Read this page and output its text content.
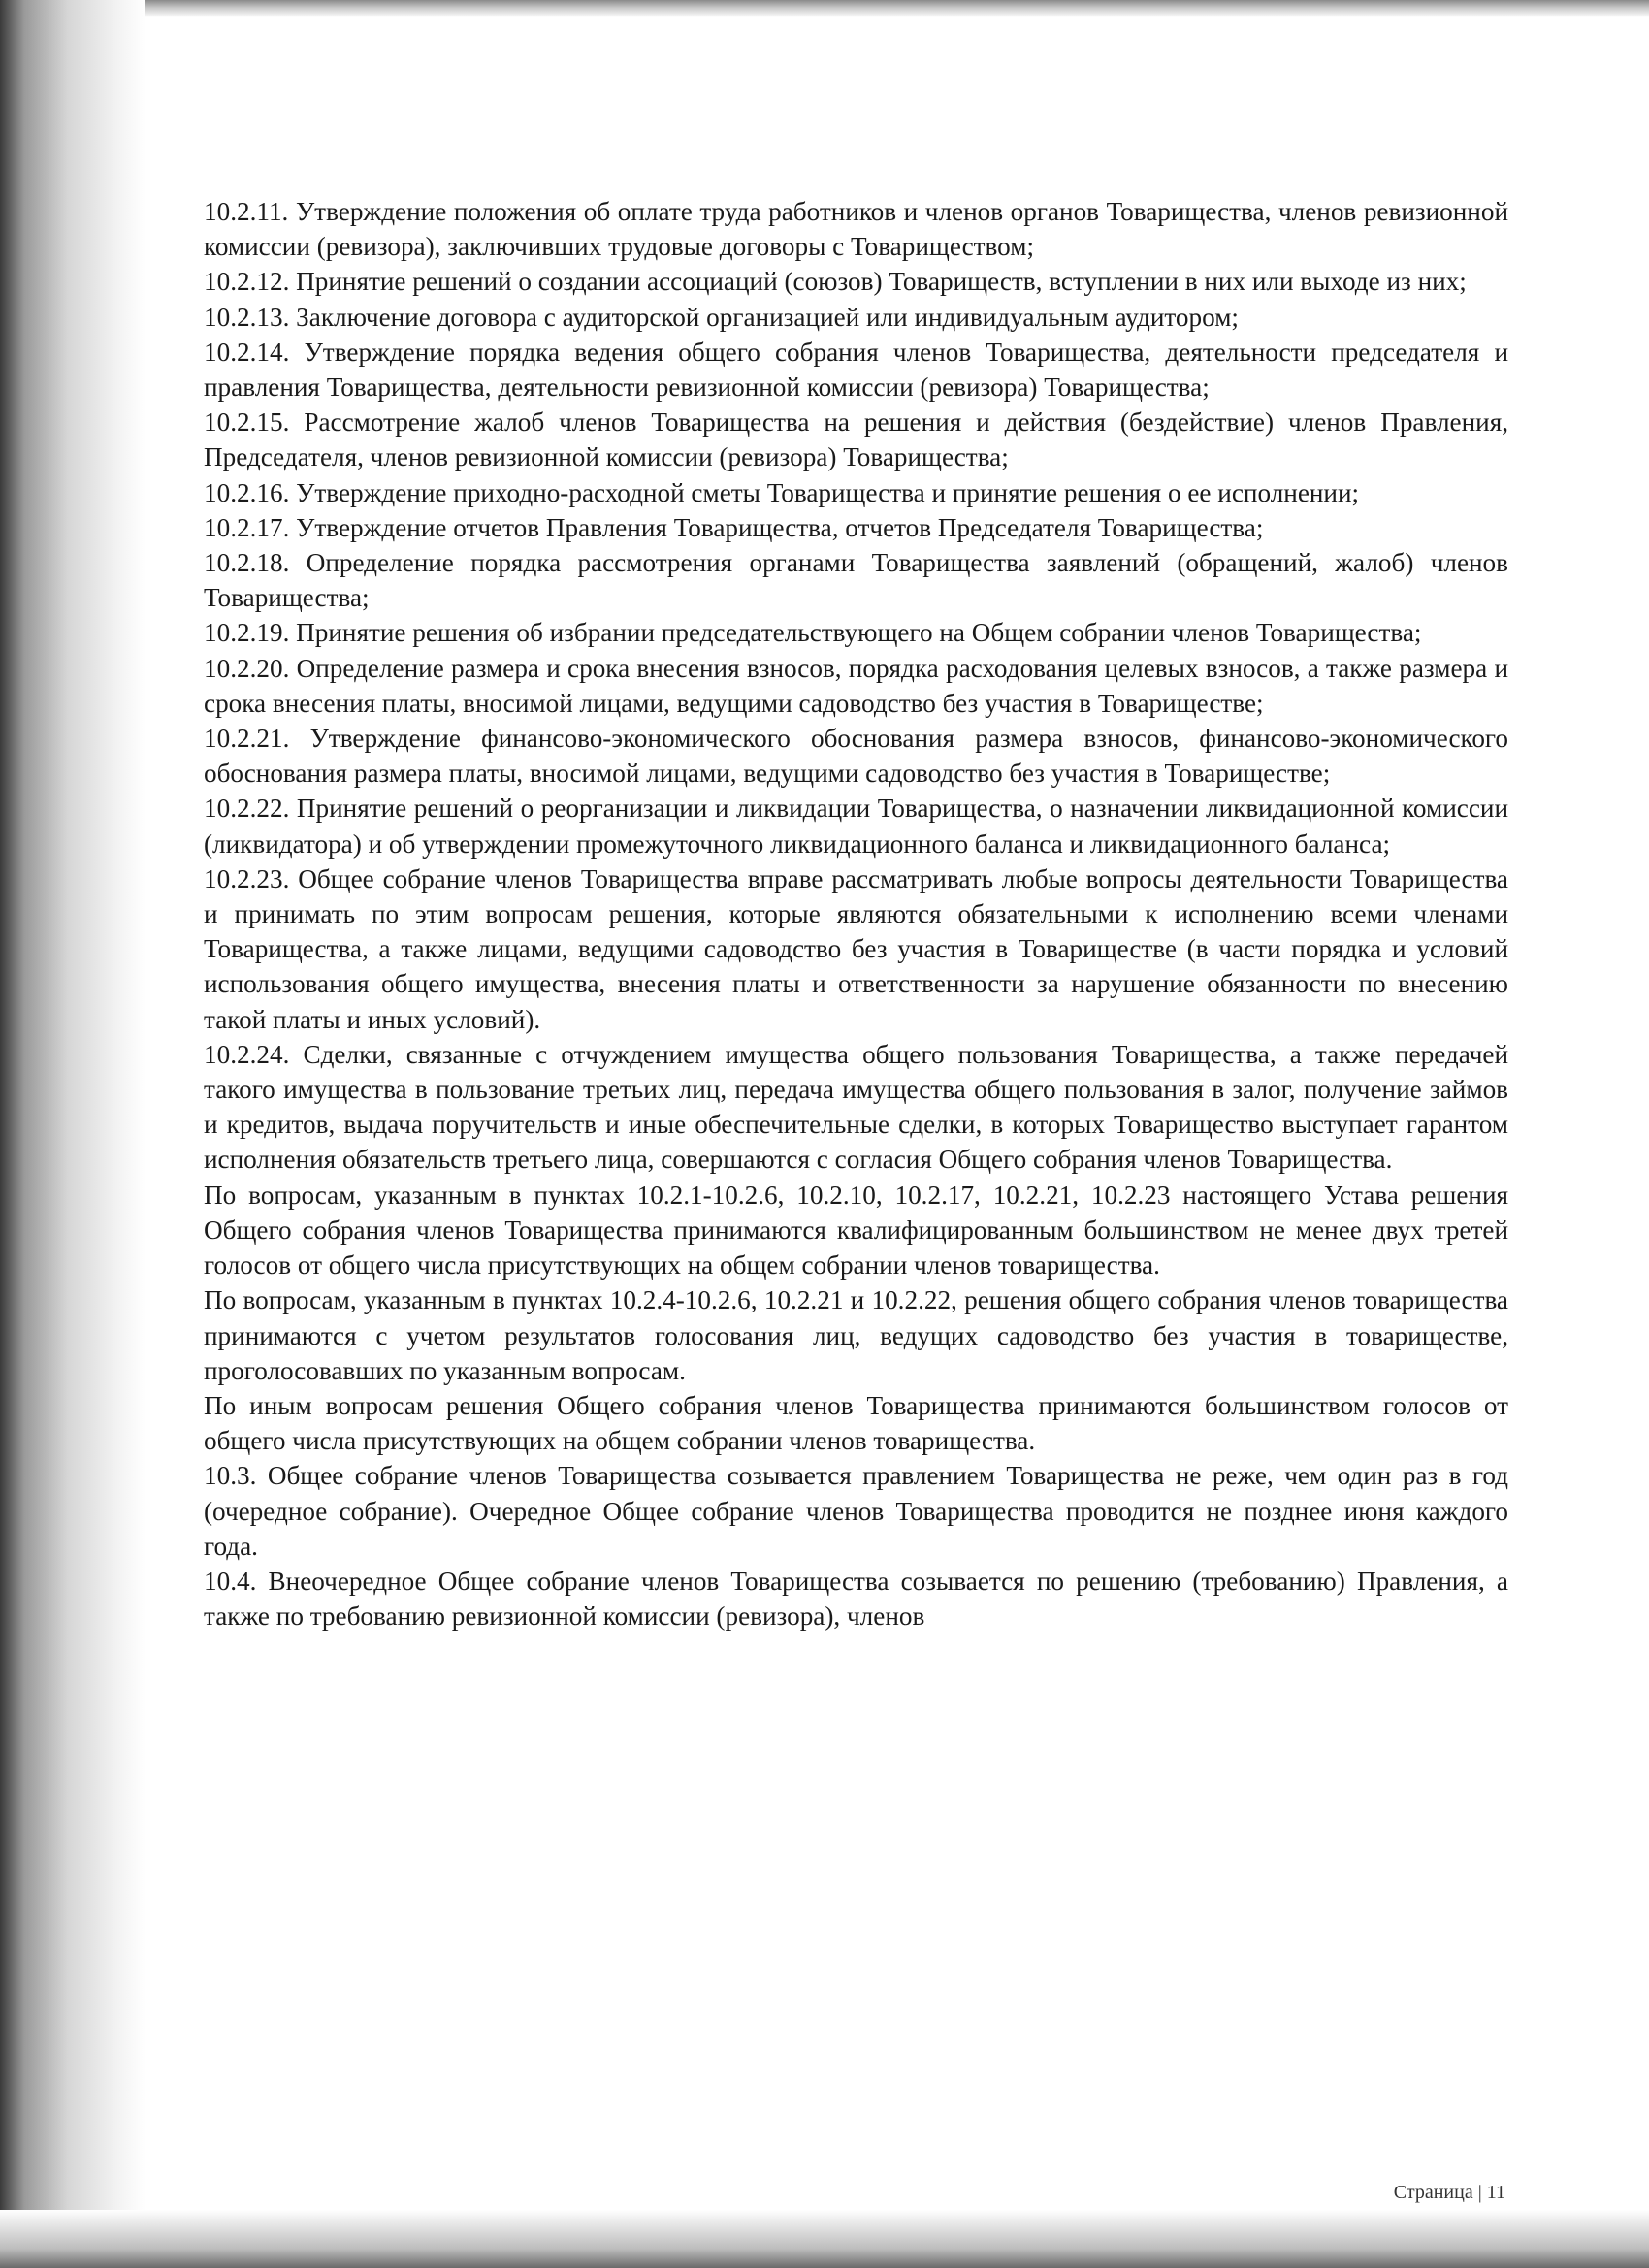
10.2.11. Утверждение положения об оплате труда работников и членов органов Товарищества, членов ревизионной комиссии (ревизора), заключивших трудовые договоры с Товариществом;

10.2.12. Принятие решений о создании ассоциаций (союзов) Товариществ, вступлении в них или выходе из них;

10.2.13. Заключение договора с аудиторской организацией или индивидуальным аудитором;

10.2.14. Утверждение порядка ведения общего собрания членов Товарищества, деятельности председателя и правления Товарищества, деятельности ревизионной комиссии (ревизора) Товарищества;

10.2.15. Рассмотрение жалоб членов Товарищества на решения и действия (бездействие) членов Правления, Председателя, членов ревизионной комиссии (ревизора) Товарищества;

10.2.16. Утверждение приходно-расходной сметы Товарищества и принятие решения о ее исполнении;

10.2.17. Утверждение отчетов Правления Товарищества, отчетов Председателя Товарищества;

10.2.18. Определение порядка рассмотрения органами Товарищества заявлений (обращений, жалоб) членов Товарищества;

10.2.19. Принятие решения об избрании председательствующего на Общем собрании членов Товарищества;

10.2.20. Определение размера и срока внесения взносов, порядка расходования целевых взносов, а также размера и срока внесения платы, вносимой лицами, ведущими садоводство без участия в Товариществе;

10.2.21. Утверждение финансово-экономического обоснования размера взносов, финансово-экономического обоснования размера платы, вносимой лицами, ведущими садоводство без участия в Товариществе;

10.2.22. Принятие решений о реорганизации и ликвидации Товарищества, о назначении ликвидационной комиссии (ликвидатора) и об утверждении промежуточного ликвидационного баланса и ликвидационного баланса;

10.2.23. Общее собрание членов Товарищества вправе рассматривать любые вопросы деятельности Товарищества и принимать по этим вопросам решения, которые являются обязательными к исполнению всеми членами Товарищества, а также лицами, ведущими садоводство без участия в Товариществе (в части порядка и условий использования общего имущества, внесения платы и ответственности за нарушение обязанности по внесению такой платы и иных условий).

10.2.24. Сделки, связанные с отчуждением имущества общего пользования Товарищества, а также передачей такого имущества в пользование третьих лиц, передача имущества общего пользования в залог, получение займов и кредитов, выдача поручительств и иные обеспечительные сделки, в которых Товарищество выступает гарантом исполнения обязательств третьего лица, совершаются с согласия Общего собрания членов Товарищества.

По вопросам, указанным в пунктах 10.2.1-10.2.6, 10.2.10, 10.2.17, 10.2.21, 10.2.23 настоящего Устава решения Общего собрания членов Товарищества принимаются квалифицированным большинством не менее двух третей голосов от общего числа присутствующих на общем собрании членов товарищества.

По вопросам, указанным в пунктах 10.2.4-10.2.6, 10.2.21 и 10.2.22, решения общего собрания членов товарищества принимаются с учетом результатов голосования лиц, ведущих садоводство без участия в товариществе, проголосовавших по указанным вопросам.

По иным вопросам решения Общего собрания членов Товарищества принимаются большинством голосов от общего числа присутствующих на общем собрании членов товарищества.

10.3. Общее собрание членов Товарищества созывается правлением Товарищества не реже, чем один раз в год (очередное собрание). Очередное Общее собрание членов Товарищества проводится не позднее июня каждого года.

10.4. Внеочередное Общее собрание членов Товарищества созывается по решению (требованию) Правления, а также по требованию ревизионной комиссии (ревизора), членов

Страница | 11
